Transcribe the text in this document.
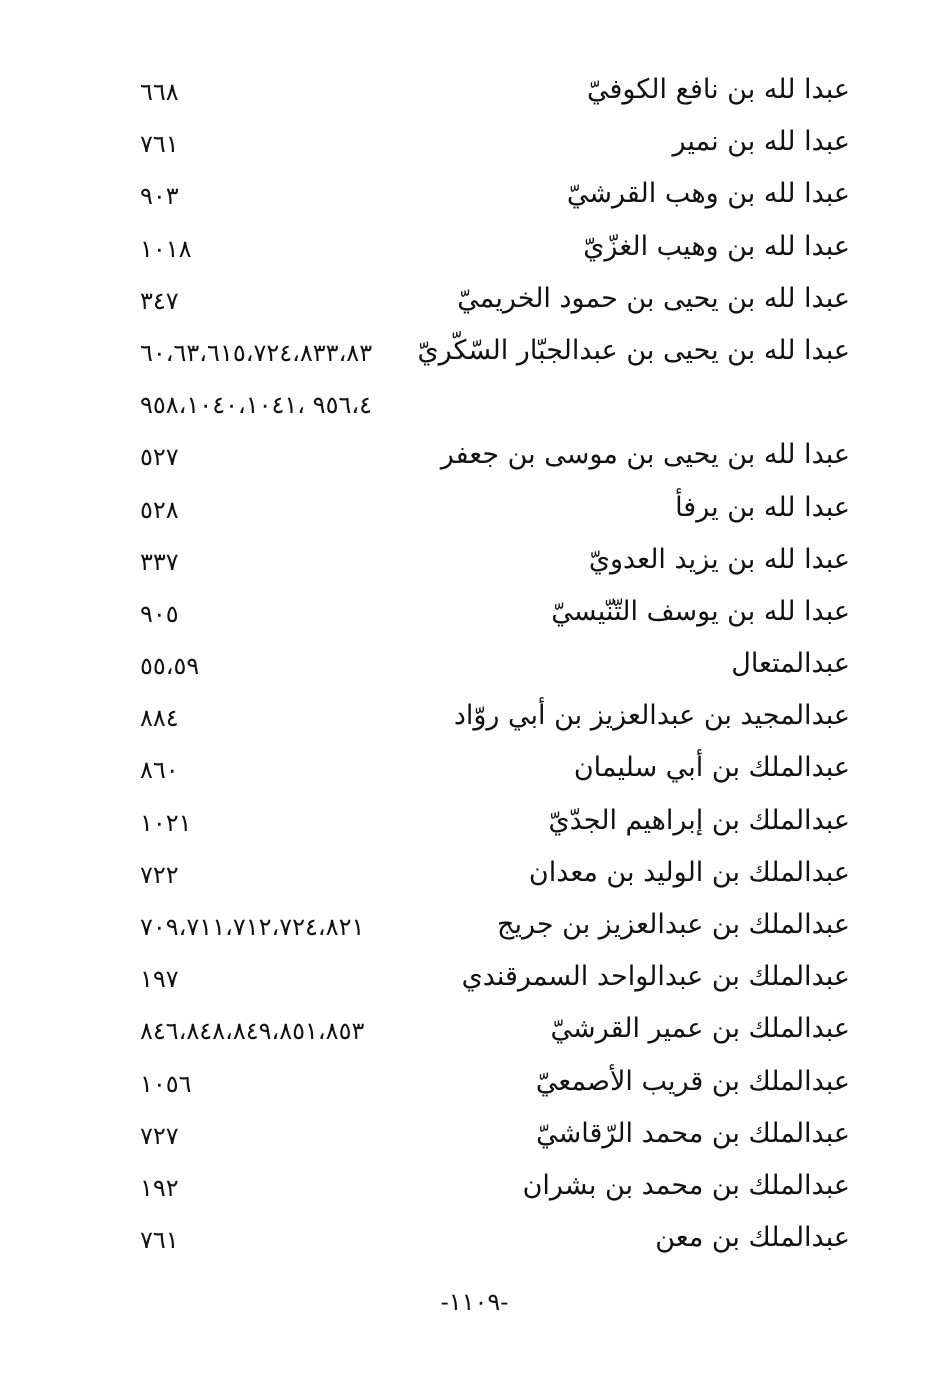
عبدا لله بن نافع الكوفيّ
٦٦٨
عبدا لله بن نمير
٧٦١
عبدا لله بن وهب القرشيّ
٩٠٣
عبدا لله بن وهيب الغزّيّ
١٠١٨
عبدا لله بن يحيى بن حمود الخريميّ
٣٤٧
عبدا لله بن يحيى بن عبدالجبّار السّكّريّ
٦٠،٦٣،٦١٥،٧٢٤،٨٣٣،٨٣
٩٥٦،٤ ،٩٥٨،١٠٤٠،١٠٤١
عبدا لله بن يحيى بن موسى بن جعفر
٥٢٧
عبدا لله بن يرفأ
٥٢٨
عبدا لله بن يزيد العدويّ
٣٣٧
عبدا لله بن يوسف التّنّيسيّ
٩٠٥
عبدالمتعال
٥٥،٥٩
عبدالمجيد بن عبدالعزيز بن أبي روّاد
٨٨٤
عبدالملك بن أبي سليمان
٨٦٠
عبدالملك بن إبراهيم الجدّيّ
١٠٢١
عبدالملك بن الوليد بن معدان
٧٢٢
عبدالملك بن عبدالعزيز بن جريج
٧٠٩،٧١١،٧١٢،٧٢٤،٨٢١
عبدالملك بن عبدالواحد السمرقندي
١٩٧
عبدالملك بن عمير القرشيّ
٨٤٦،٨٤٨،٨٤٩،٨٥١،٨٥٣
عبدالملك بن قريب الأصمعيّ
١٠٥٦
عبدالملك بن محمد الرّقاشيّ
٧٢٧
عبدالملك بن محمد بن بشران
١٩٢
عبدالملك بن معن
٧٦١
-١١٠٩-
